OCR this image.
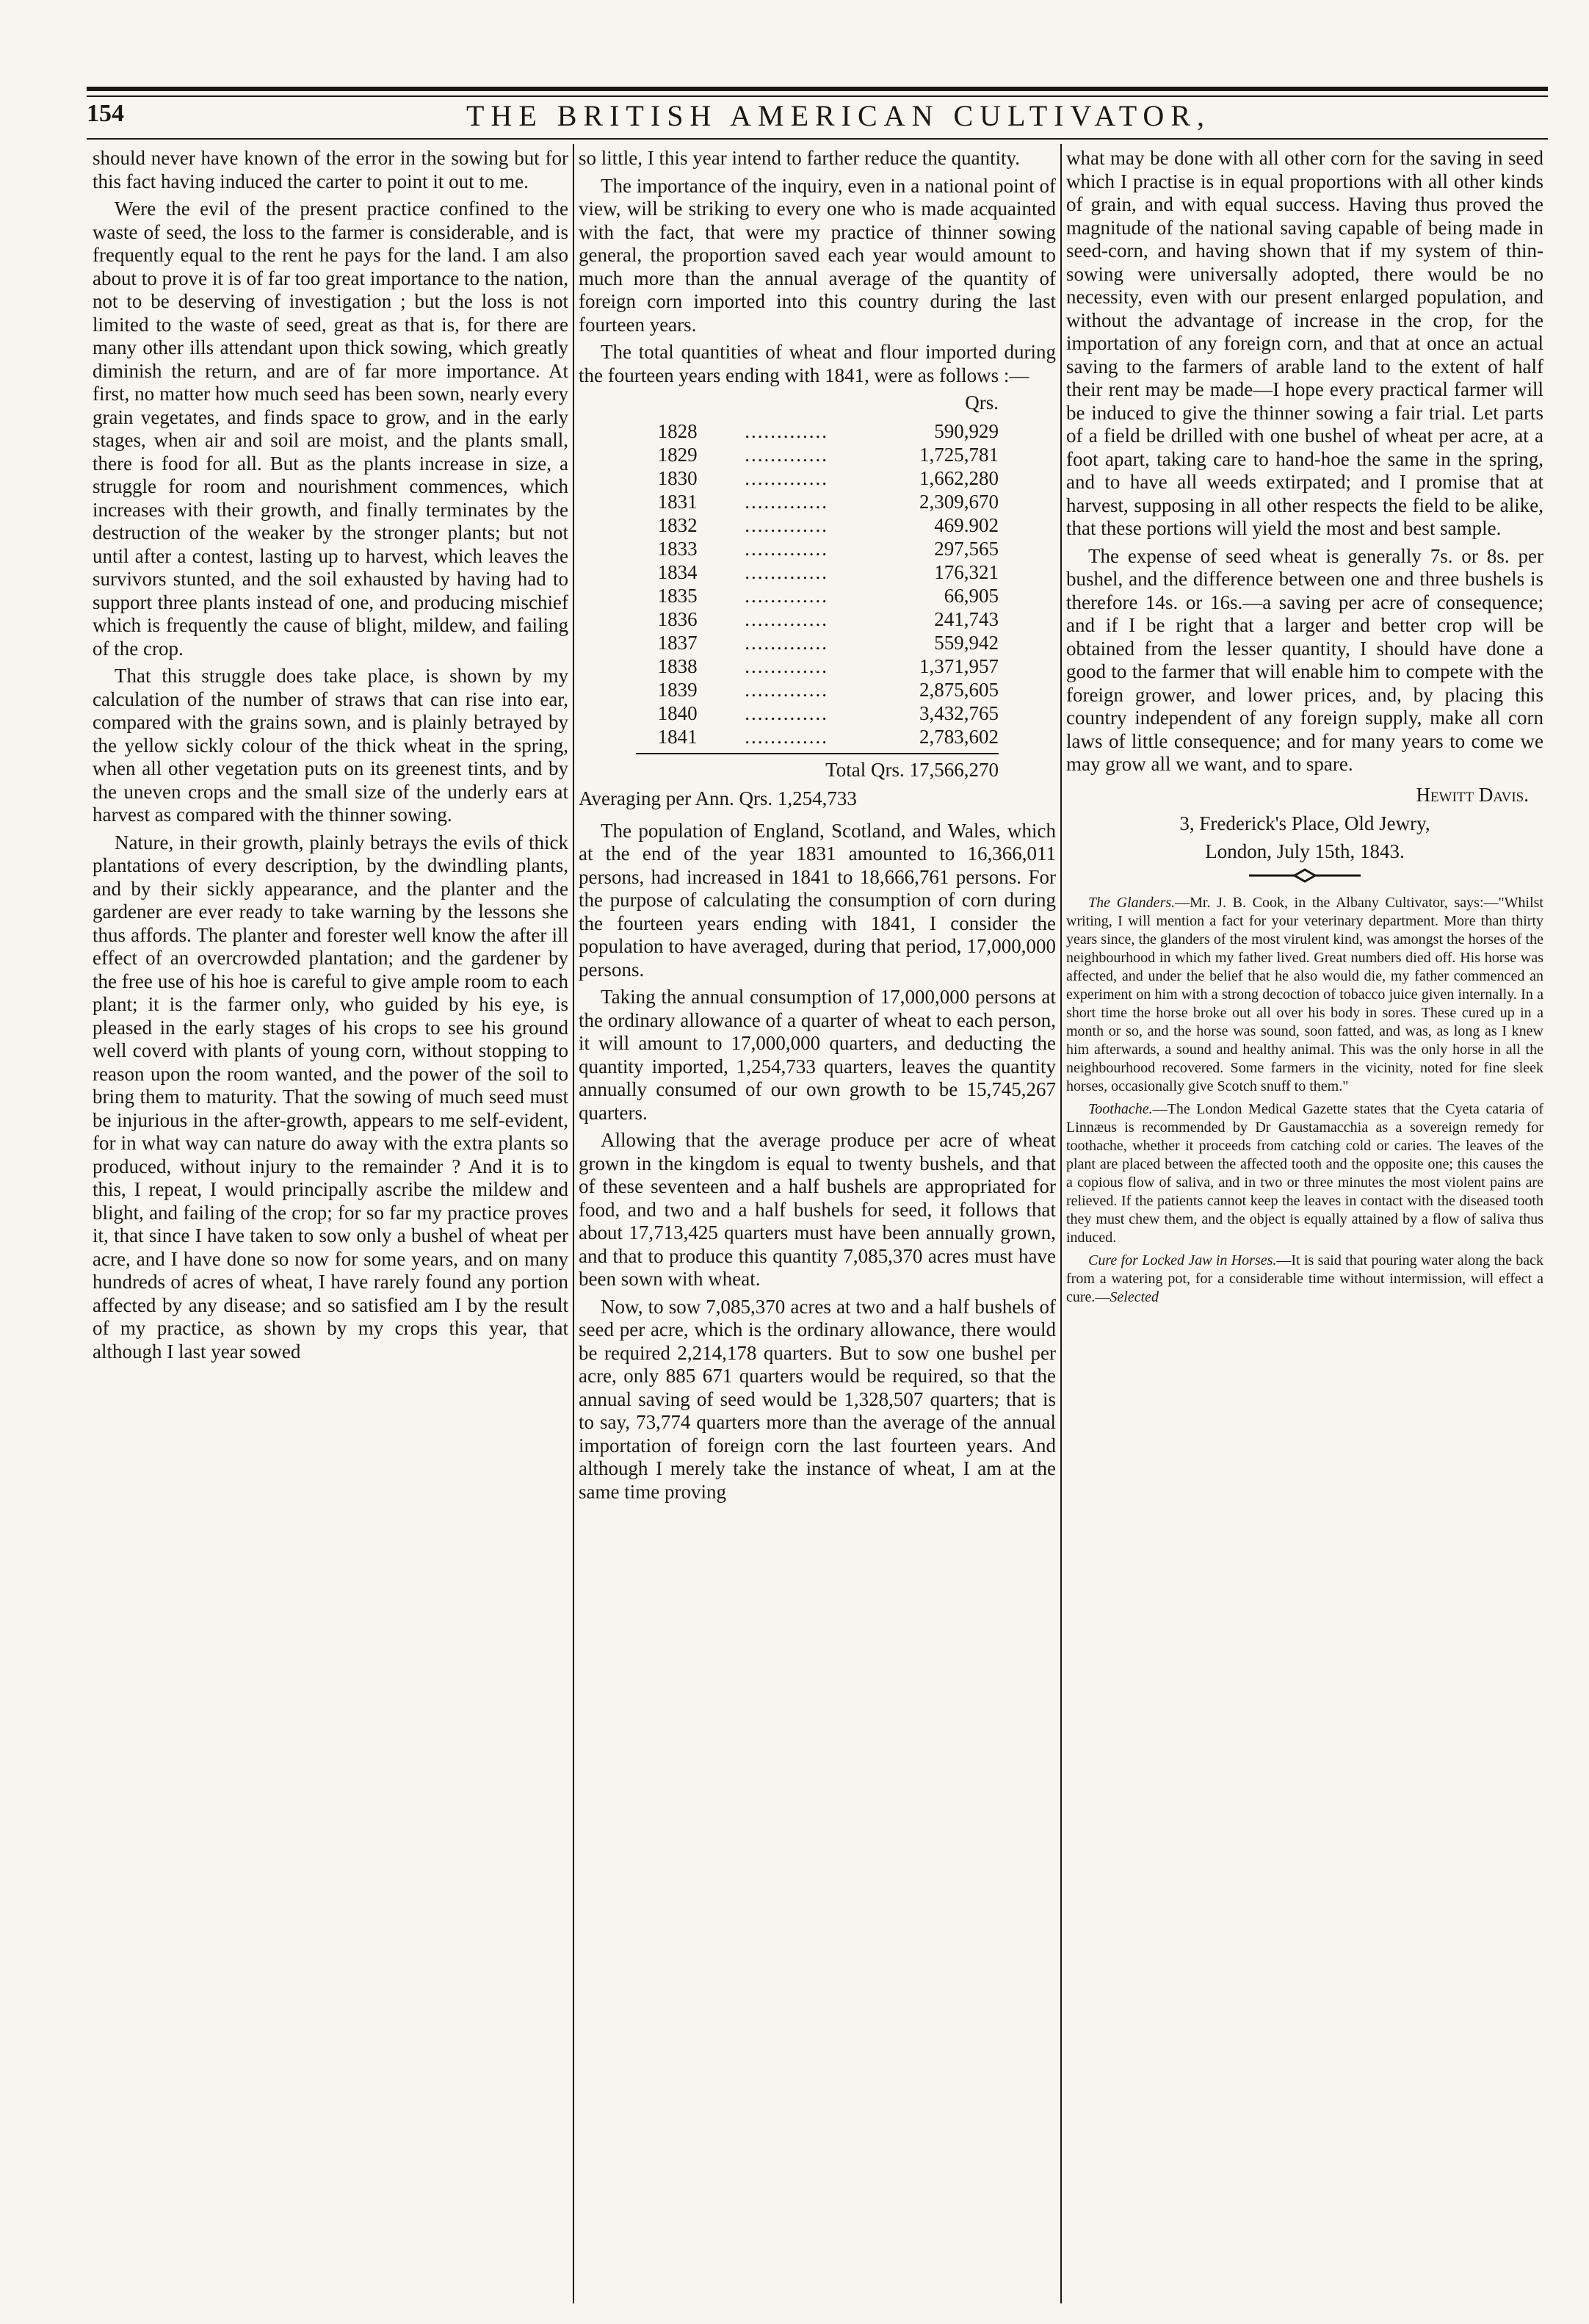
154	THE BRITISH AMERICAN CULTIVATOR,

should never have known of the error in the sowing but for this fact having induced the carter to point it out to me.

Were the evil of the present practice confined to the waste of seed, the loss to the farmer is considerable, and is frequently equal to the rent he pays for the land. I am also about to prove it is of far too great importance to the nation, not to be deserving of investigation ; but the loss is not limited to the waste of seed, great as that is, for there are many other ills attendant upon thick sowing, which greatly diminish the return, and are of far more importance. At first, no matter how much seed has been sown, nearly every grain vegetates, and finds space to grow, and in the early stages, when air and soil are moist, and the plants small, there is food for all. But as the plants increase in size, a struggle for room and nourishment commences, which increases with their growth, and finally terminates by the destruction of the weaker by the stronger plants; but not until after a contest, lasting up to harvest, which leaves the survivors stunted, and the soil exhausted by having had to support three plants instead of one, and producing mischief which is frequently the cause of blight, mildew, and failing of the crop.

That this struggle does take place, is shown by my calculation of the number of straws that can rise into ear, compared with the grains sown, and is plainly betrayed by the yellow sickly colour of the thick wheat in the spring, when all other vegetation puts on its greenest tints, and by the uneven crops and the small size of the underly ears at harvest as compared with the thinner sowing.

Nature, in their growth, plainly betrays the evils of thick plantations of every description, by the dwindling plants, and by their sickly appearance, and the planter and the gardener are ever ready to take warning by the lessons she thus affords. The planter and forester well know the after ill effect of an overcrowded plantation; and the gardener by the free use of his hoe is careful to give ample room to each plant; it is the farmer only, who guided by his eye, is pleased in the early stages of his crops to see his ground well coverd with plants of young corn, without stopping to reason upon the room wanted, and the power of the soil to bring them to maturity. That the sowing of much seed must be injurious in the after-growth, appears to me self-evident, for in what way can nature do away with the extra plants so produced, without injury to the remainder ? And it is to this, I repeat, I would principally ascribe the mildew and blight, and failing of the crop; for so far my practice proves it, that since I have taken to sow only a bushel of wheat per acre, and I have done so now for some years, and on many hundreds of acres of wheat, I have rarely found any portion affected by any disease; and so satisfied am I by the result of my practice, as shown by my crops this year, that although I last year sowed

so little, I this year intend to farther reduce the quantity.

The importance of the inquiry, even in a national point of view, will be striking to every one who is made acquainted with the fact, that were my practice of thinner sowing general, the proportion saved each year would amount to much more than the annual average of the quantity of foreign corn imported into this country during the last fourteen years.

The total quantities of wheat and flour imported during the fourteen years ending with 1841, were as follows :—

Qrs.
1828	.............	590,929
1829	.............	1,725,781
1830	.............	1,662,280
1831	.............	2,309,670
1832	.............	469.902
1833	.............	297,565
1834	.............	176,321
1835	.............	66,905
1836	.............	241,743
1837	.............	559,942
1838	.............	1,371,957
1839	.............	2,875,605
1840	.............	3,432,765
1841	.............	2,783,602
Total Qrs. 17,566,270
Averaging per Ann. Qrs. 1,254,733

The population of England, Scotland, and Wales, which at the end of the year 1831 amounted to 16,366,011 persons, had increased in 1841 to 18,666,761 persons. For the purpose of calculating the consumption of corn during the fourteen years ending with 1841, I consider the population to have averaged, during that period, 17,000,000 persons.

Taking the annual consumption of 17,000,000 persons at the ordinary allowance of a quarter of wheat to each person, it will amount to 17,000,000 quarters, and deducting the quantity imported, 1,254,733 quarters, leaves the quantity annually consumed of our own growth to be 15,745,267 quarters.

Allowing that the average produce per acre of wheat grown in the kingdom is equal to twenty bushels, and that of these seventeen and a half bushels are appropriated for food, and two and a half bushels for seed, it follows that about 17,713,425 quarters must have been annually grown, and that to produce this quantity 7,085,370 acres must have been sown with wheat.

Now, to sow 7,085,370 acres at two and a half bushels of seed per acre, which is the ordinary allowance, there would be required 2,214,178 quarters. But to sow one bushel per acre, only 885 671 quarters would be required, so that the annual saving of seed would be 1,328,507 quarters; that is to say, 73,774 quarters more than the average of the annual importation of foreign corn the last fourteen years. And although I merely take the instance of wheat, I am at the same time proving

what may be done with all other corn for the saving in seed which I practise is in equal proportions with all other kinds of grain, and with equal success. Having thus proved the magnitude of the national saving capable of being made in seed-corn, and having shown that if my system of thin-sowing were universally adopted, there would be no necessity, even with our present enlarged population, and without the advantage of increase in the crop, for the importation of any foreign corn, and that at once an actual saving to the farmers of arable land to the extent of half their rent may be made—I hope every practical farmer will be induced to give the thinner sowing a fair trial. Let parts of a field be drilled with one bushel of wheat per acre, at a foot apart, taking care to hand-hoe the same in the spring, and to have all weeds extirpated; and I promise that at harvest, supposing in all other respects the field to be alike, that these portions will yield the most and best sample.

The expense of seed wheat is generally 7s. or 8s. per bushel, and the difference between one and three bushels is therefore 14s. or 16s.—a saving per acre of consequence; and if I be right that a larger and better crop will be obtained from the lesser quantity, I should have done a good to the farmer that will enable him to compete with the foreign grower, and lower prices, and, by placing this country independent of any foreign supply, make all corn laws of little consequence; and for many years to come we may grow all we want, and to spare.

Hewitt Davis.
3, Frederick's Place, Old Jewry,
London, July 15th, 1843.

The Glanders.—Mr. J. B. Cook, in the Albany Cultivator, says:—"Whilst writing, I will mention a fact for your veterinary department. More than thirty years since, the glanders of the most virulent kind, was amongst the horses of the neighbourhood in which my father lived. Great numbers died off. His horse was affected, and under the belief that he also would die, my father commenced an experiment on him with a strong decoction of tobacco juice given internally. In a short time the horse broke out all over his body in sores. These cured up in a month or so, and the horse was sound, soon fatted, and was, as long as I knew him afterwards, a sound and healthy animal. This was the only horse in all the neighbourhood recovered. Some farmers in the vicinity, noted for fine sleek horses, occasionally give Scotch snuff to them."

Toothache.—The London Medical Gazette states that the Cyeta cataria of Linnæus is recommended by Dr Gaustamacchia as a sovereign remedy for toothache, whether it proceeds from catching cold or caries. The leaves of the plant are placed between the affected tooth and the opposite one; this causes the a copious flow of saliva, and in two or three minutes the most violent pains are relieved. If the patients cannot keep the leaves in contact with the diseased tooth they must chew them, and the object is equally attained by a flow of saliva thus induced.

Cure for Locked Jaw in Horses.—It is said that pouring water along the back from a watering pot, for a considerable time without intermission, will effect a cure.—Selected
